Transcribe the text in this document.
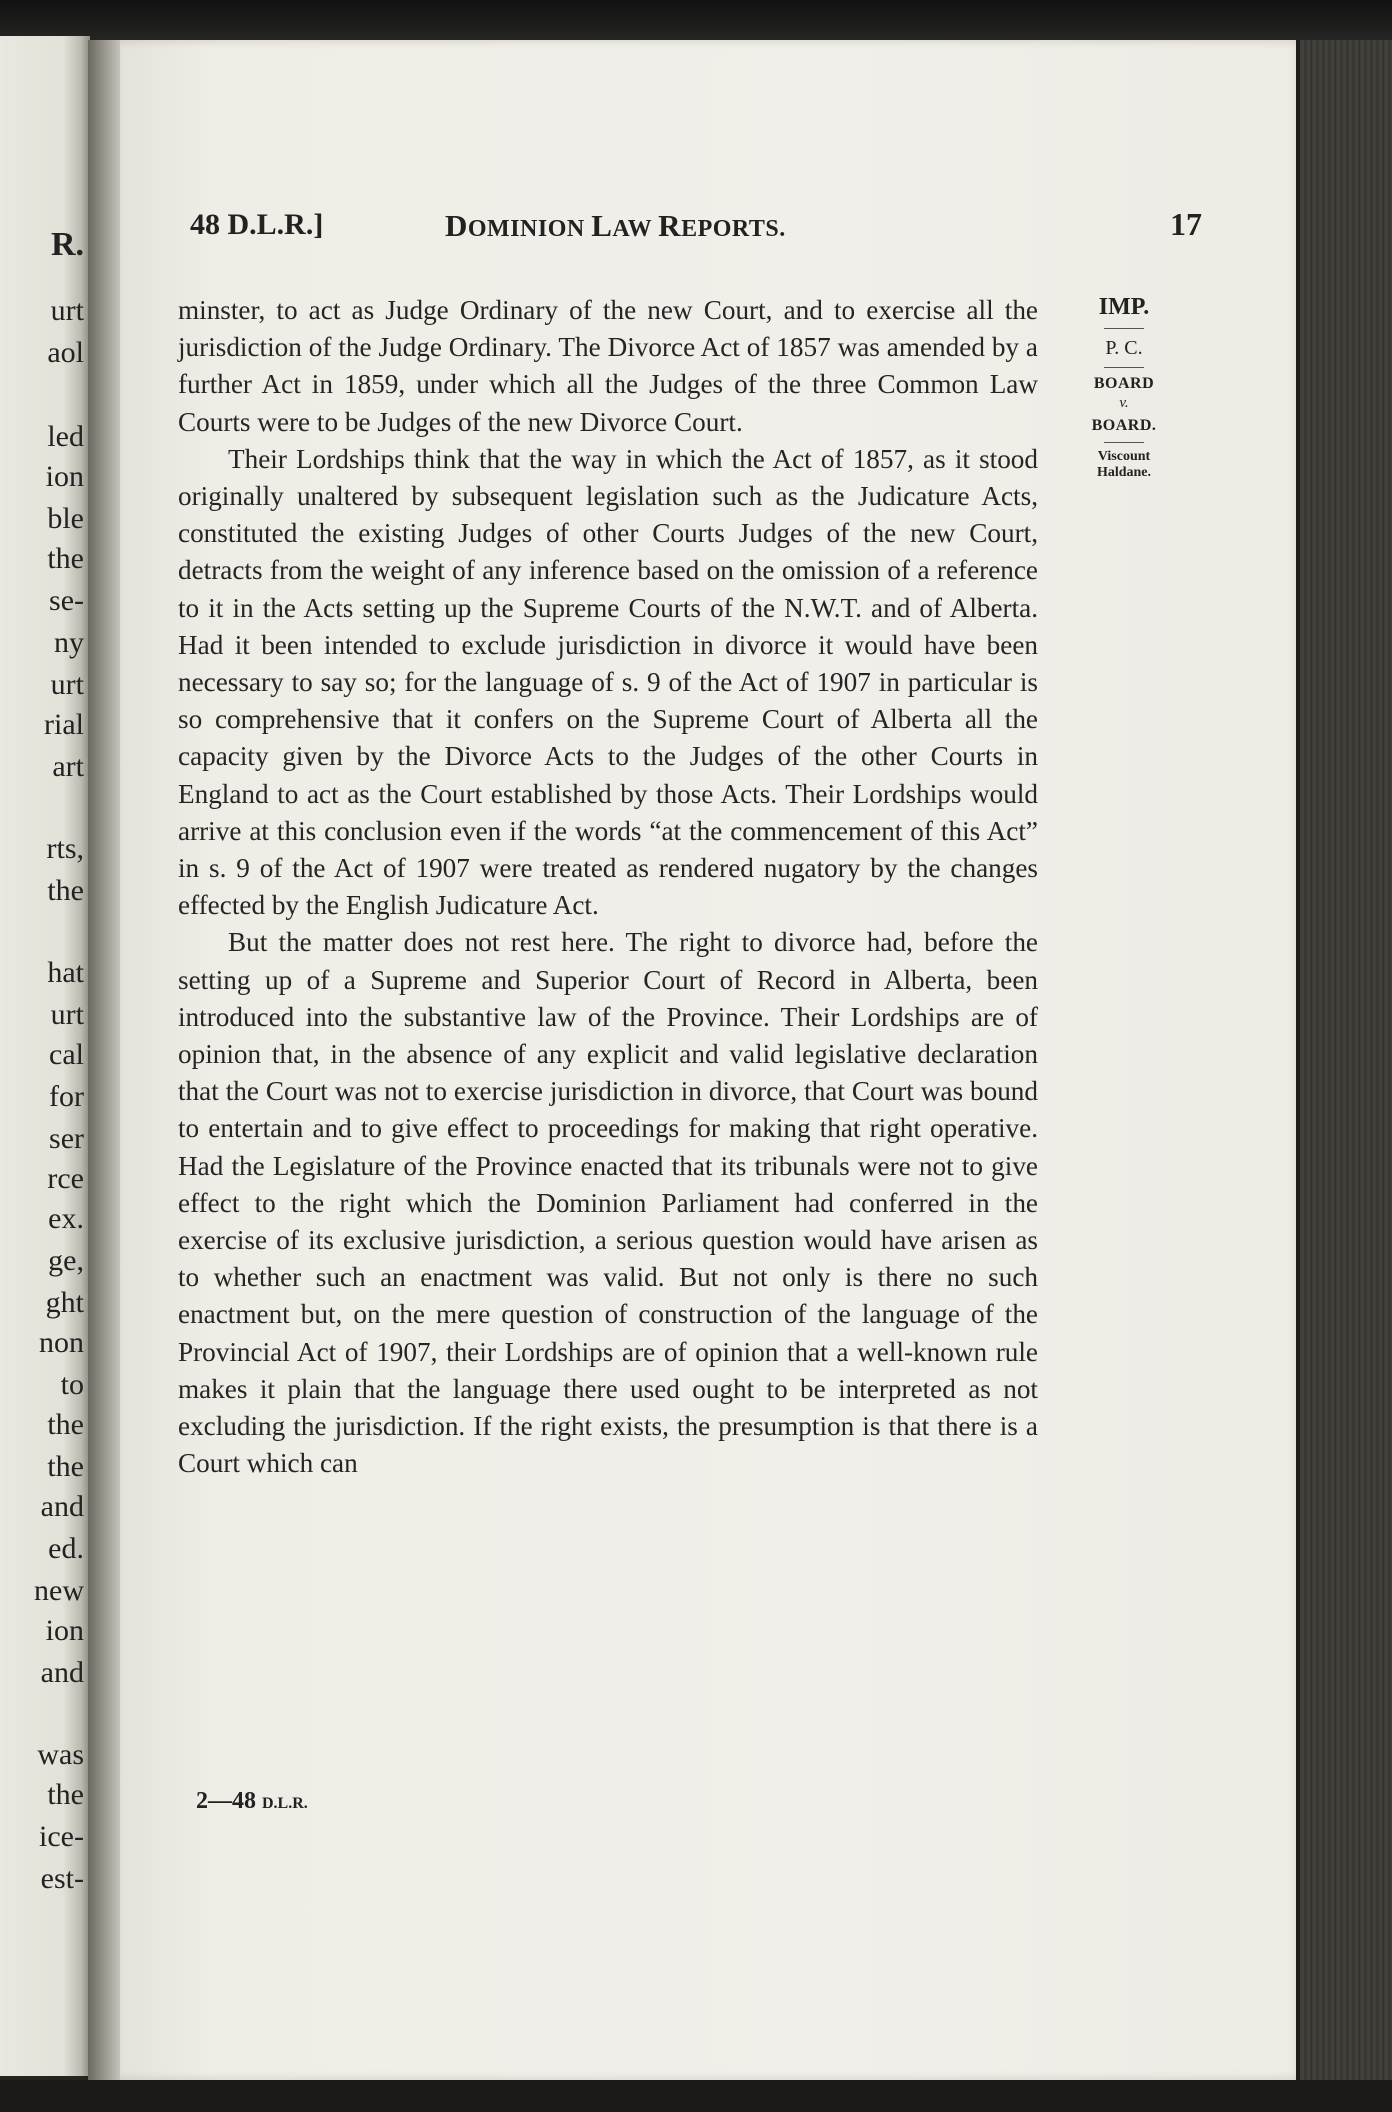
R.
urt
aol
led
ion
ble
the
se-
ny
urt
rial
art
rts,
the
hat
urt
cal
for
ser
rce
ex.
ge,
ght
non
to
the
the
and
ed.
new
ion
and
was
the
ice-
est-
48 D.L.R.]	DOMINION LAW REPORTS.	17

minster, to act as Judge Ordinary of the new Court, and to exercise all the jurisdiction of the Judge Ordinary. The Divorce Act of 1857 was amended by a further Act in 1859, under which all the Judges of the three Common Law Courts were to be Judges of the new Divorce Court.

Their Lordships think that the way in which the Act of 1857, as it stood originally unaltered by subsequent legislation such as the Judicature Acts, constituted the existing Judges of other Courts Judges of the new Court, detracts from the weight of any inference based on the omission of a reference to it in the Acts setting up the Supreme Courts of the N.W.T. and of Alberta. Had it been intended to exclude jurisdiction in divorce it would have been necessary to say so; for the language of s. 9 of the Act of 1907 in particular is so comprehensive that it confers on the Supreme Court of Alberta all the capacity given by the Divorce Acts to the Judges of the other Courts in England to act as the Court established by those Acts. Their Lordships would arrive at this conclusion even if the words “at the commencement of this Act” in s. 9 of the Act of 1907 were treated as rendered nugatory by the changes effected by the English Judicature Act.

But the matter does not rest here. The right to divorce had, before the setting up of a Supreme and Superior Court of Record in Alberta, been introduced into the substantive law of the Province. Their Lordships are of opinion that, in the absence of any explicit and valid legislative declaration that the Court was not to exercise jurisdiction in divorce, that Court was bound to entertain and to give effect to proceedings for making that right operative. Had the Legislature of the Province enacted that its tribunals were not to give effect to the right which the Dominion Parliament had conferred in the exercise of its exclusive jurisdiction, a serious question would have arisen as to whether such an enactment was valid. But not only is there no such enactment but, on the mere question of construction of the language of the Provincial Act of 1907, their Lordships are of opinion that a well-known rule makes it plain that the language there used ought to be interpreted as not excluding the jurisdiction. If the right exists, the presumption is that there is a Court which can

IMP.
P. C.
BOARD
v.
BOARD.
Viscount
Haldane.
2—48 D.L.R.
